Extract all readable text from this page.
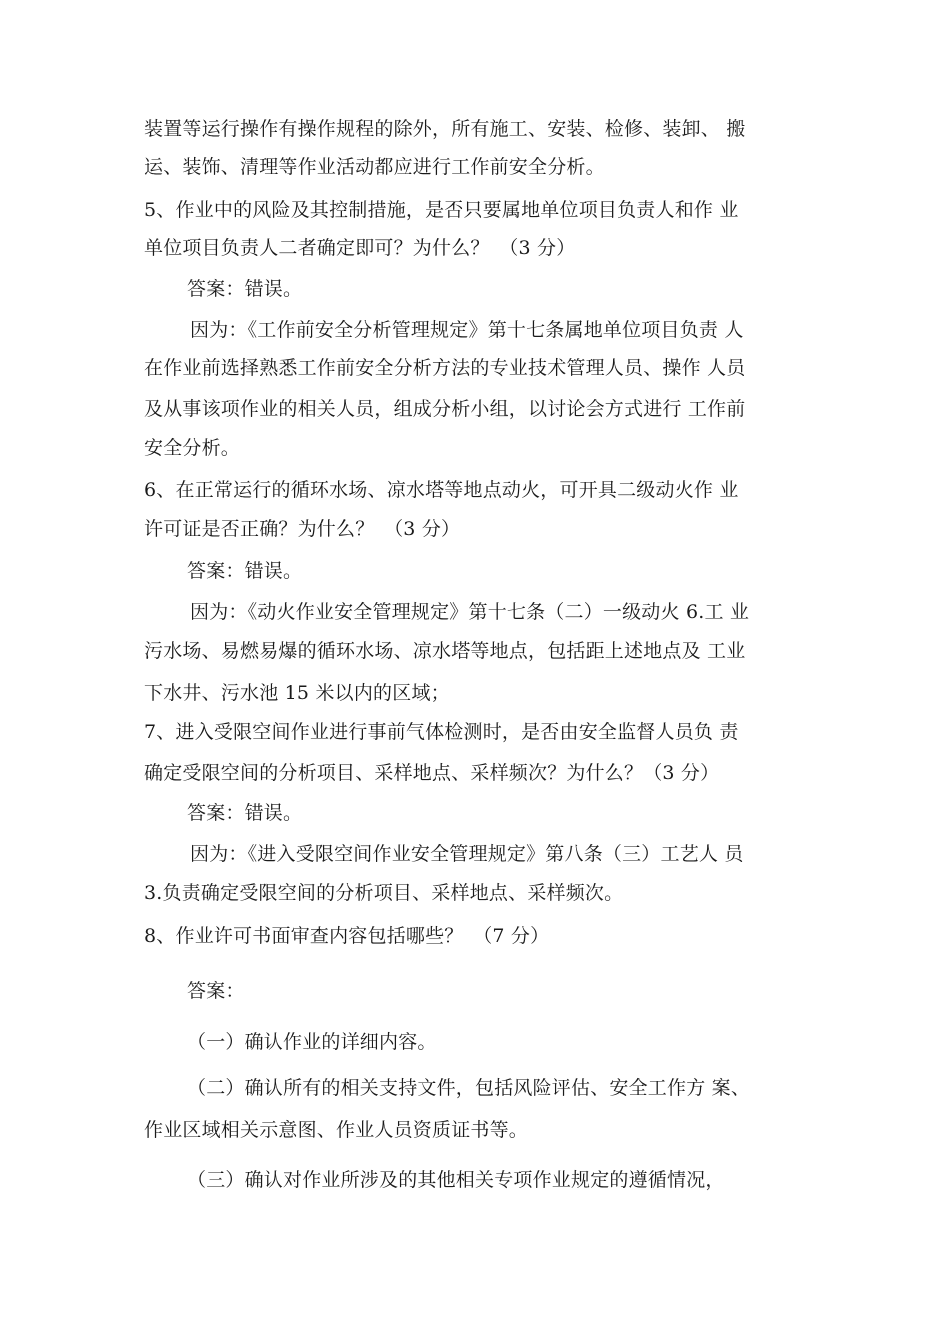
装置等运行操作有操作规程的除外，所有施工、安装、检修、装卸、 搬
运、装饰、清理等作业活动都应进行工作前安全分析。
5、作业中的风险及其控制措施，是否只要属地单位项目负责人和作 业
单位项目负责人二者确定即可？为什么？　（3 分）
答案：错误。
因为：《工作前安全分析管理规定》第十七条属地单位项目负责 人
在作业前选择熟悉工作前安全分析方法的专业技术管理人员、操作 人员
及从事该项作业的相关人员，组成分析小组，以讨论会方式进行 工作前
安全分析。
6、在正常运行的循环水场、凉水塔等地点动火，可开具二级动火作 业
许可证是否正确？为什么？　（3 分）
答案：错误。
因为：《动火作业安全管理规定》第十七条（二）一级动火 6.工 业
污水场、易燃易爆的循环水场、凉水塔等地点，包括距上述地点及 工业
下水井、污水池 15 米以内的区域；
7、进入受限空间作业进行事前气体检测时，是否由安全监督人员负 责
确定受限空间的分析项目、采样地点、采样频次？为什么？（3 分）
答案：错误。
因为：《进入受限空间作业安全管理规定》第八条（三）工艺人 员
3.负责确定受限空间的分析项目、采样地点、采样频次。
8、作业许可书面审查内容包括哪些？　（7 分）
答案：
（一）确认作业的详细内容。
（二）确认所有的相关支持文件，包括风险评估、安全工作方 案、
作业区域相关示意图、作业人员资质证书等。
（三）确认对作业所涉及的其他相关专项作业规定的遵循情况，
